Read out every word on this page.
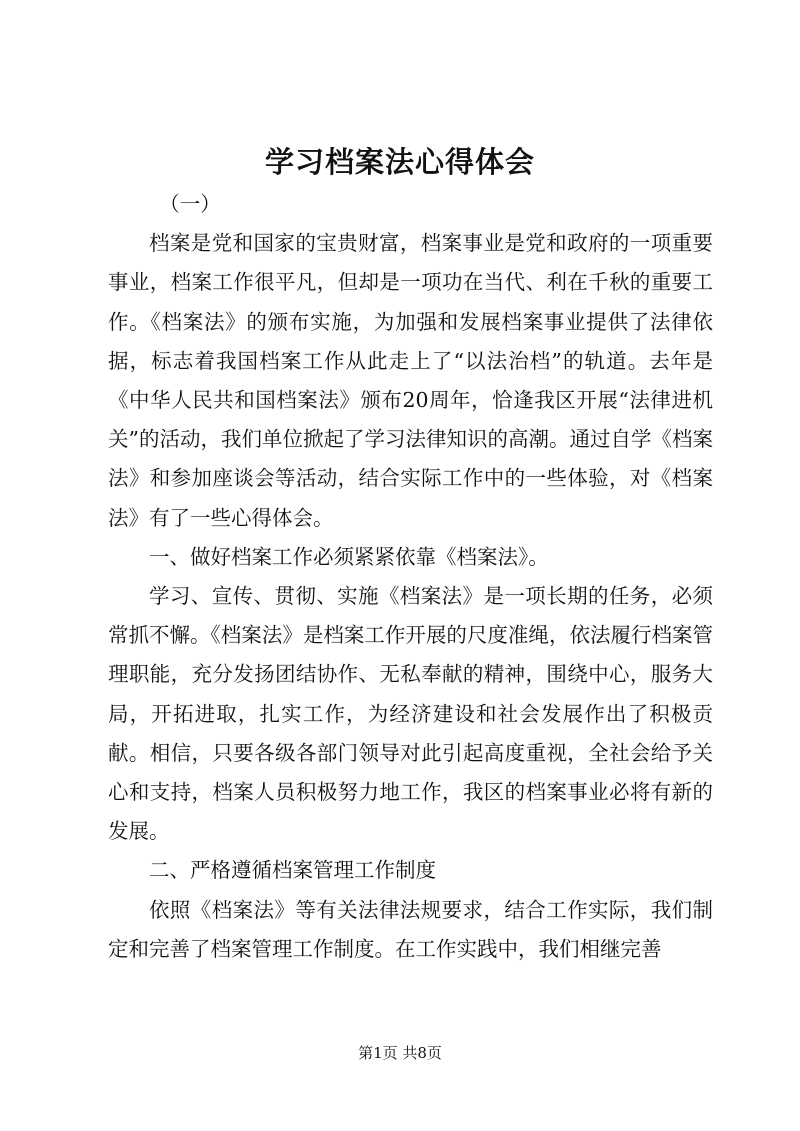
学习档案法心得体会

（一）

档案是党和国家的宝贵财富，档案事业是党和政府的一项重要事业，档案工作很平凡，但却是一项功在当代、利在千秋的重要工作。《档案法》的颁布实施，为加强和发展档案事业提供了法律依据，标志着我国档案工作从此走上了“以法治档”的轨道。去年是《中华人民共和国档案法》颁布20周年，恰逢我区开展“法律进机关”的活动，我们单位掀起了学习法律知识的高潮。通过自学《档案法》和参加座谈会等活动，结合实际工作中的一些体验，对《档案法》有了一些心得体会。

一、做好档案工作必须紧紧依靠《档案法》。

学习、宣传、贯彻、实施《档案法》是一项长期的任务，必须常抓不懈。《档案法》是档案工作开展的尺度准绳，依法履行档案管理职能，充分发扬团结协作、无私奉献的精神，围绕中心，服务大局，开拓进取，扎实工作，为经济建设和社会发展作出了积极贡献。相信，只要各级各部门领导对此引起高度重视，全社会给予关心和支持，档案人员积极努力地工作，我区的档案事业必将有新的发展。

二、严格遵循档案管理工作制度

依照《档案法》等有关法律法规要求，结合工作实际，我们制定和完善了档案管理工作制度。在工作实践中，我们相继完善

第1页 共8页
